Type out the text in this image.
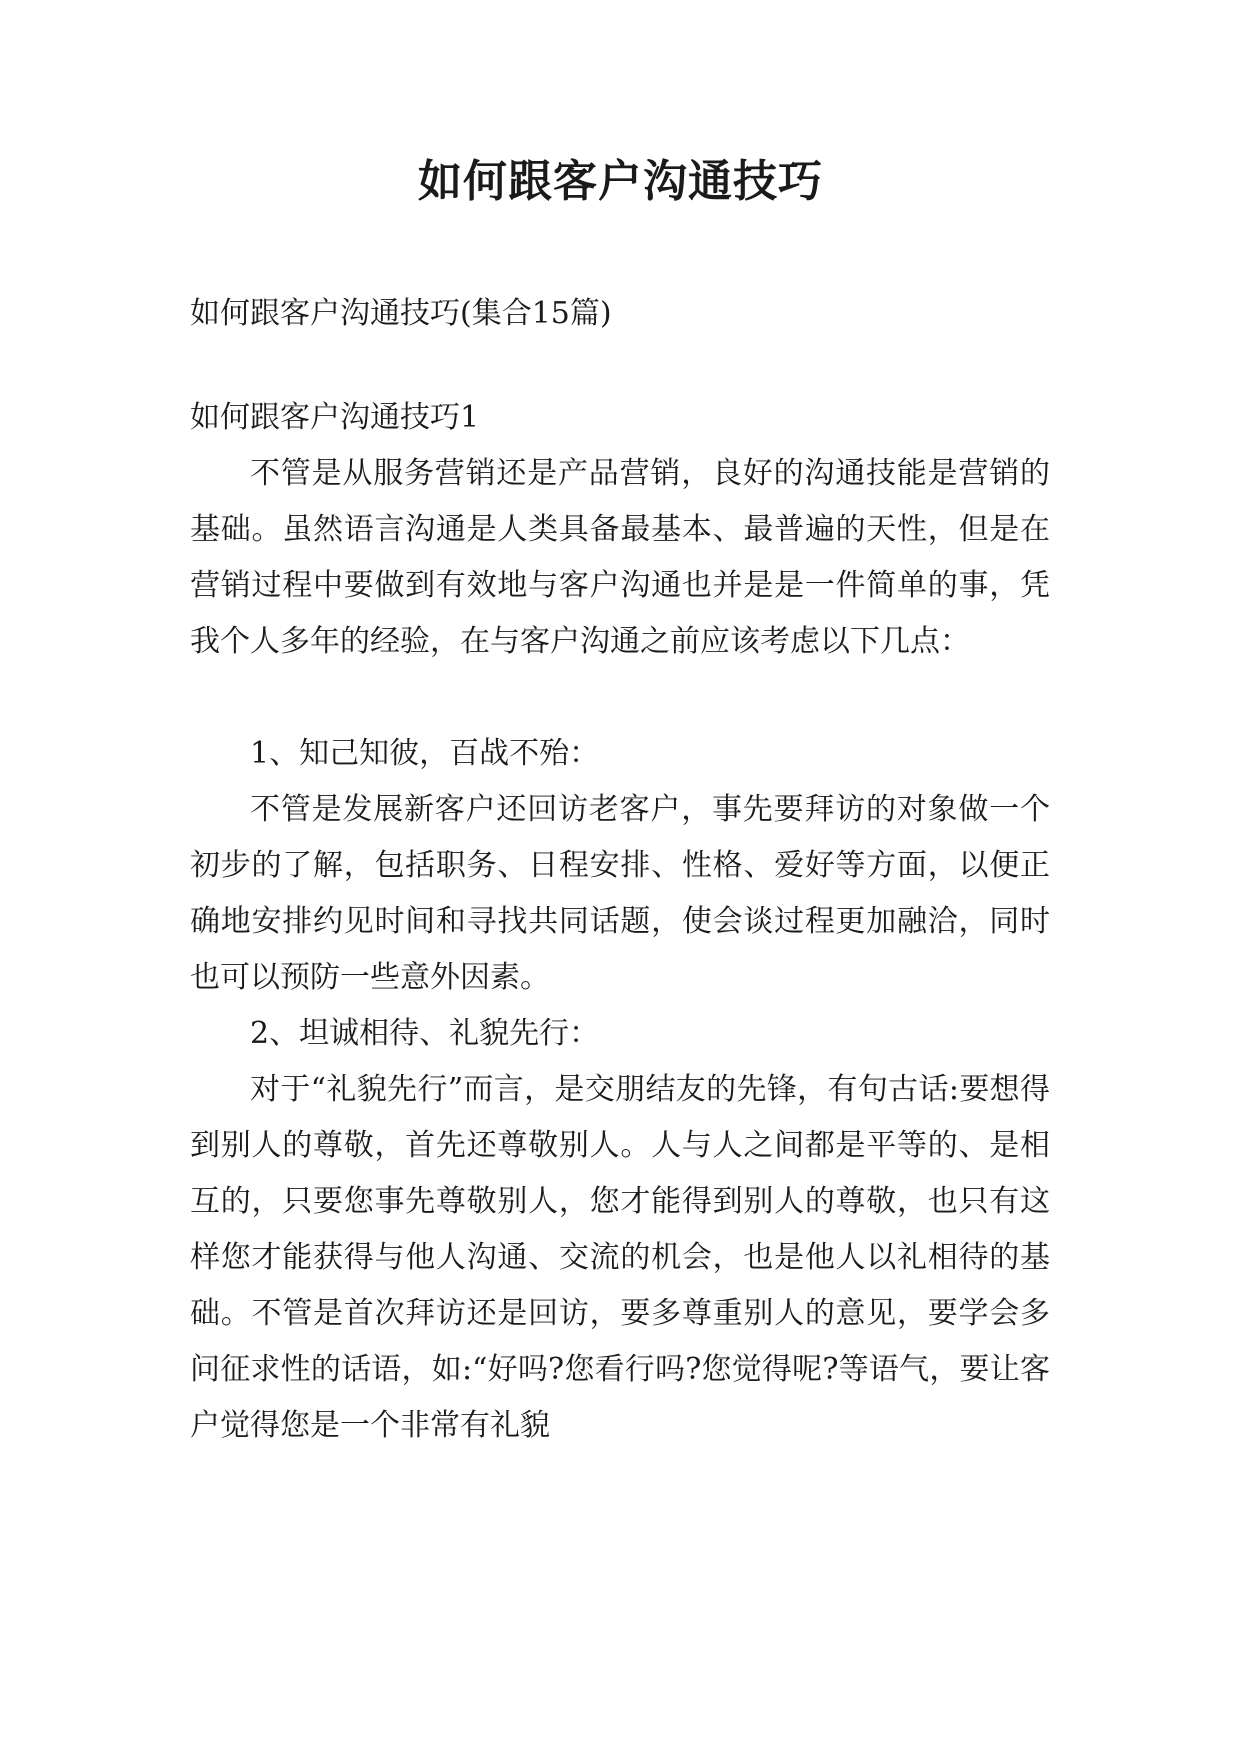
如何跟客户沟通技巧

如何跟客户沟通技巧(集合15篇)

如何跟客户沟通技巧1

不管是从服务营销还是产品营销，良好的沟通技能是营销的基础。虽然语言沟通是人类具备最基本、最普遍的天性，但是在营销过程中要做到有效地与客户沟通也并是是一件简单的事，凭我个人多年的经验，在与客户沟通之前应该考虑以下几点：

1、知己知彼，百战不殆：

不管是发展新客户还回访老客户，事先要拜访的对象做一个初步的了解，包括职务、日程安排、性格、爱好等方面，以便正确地安排约见时间和寻找共同话题，使会谈过程更加融洽，同时也可以预防一些意外因素。

2、坦诚相待、礼貌先行：

对于“礼貌先行”而言，是交朋结友的先锋，有句古话:要想得到别人的尊敬，首先还尊敬别人。人与人之间都是平等的、是相互的，只要您事先尊敬别人，您才能得到别人的尊敬，也只有这样您才能获得与他人沟通、交流的机会，也是他人以礼相待的基础。不管是首次拜访还是回访，要多尊重别人的意见，要学会多问征求性的话语，如:“好吗?您看行吗?您觉得呢?等语气，要让客户觉得您是一个非常有礼貌
